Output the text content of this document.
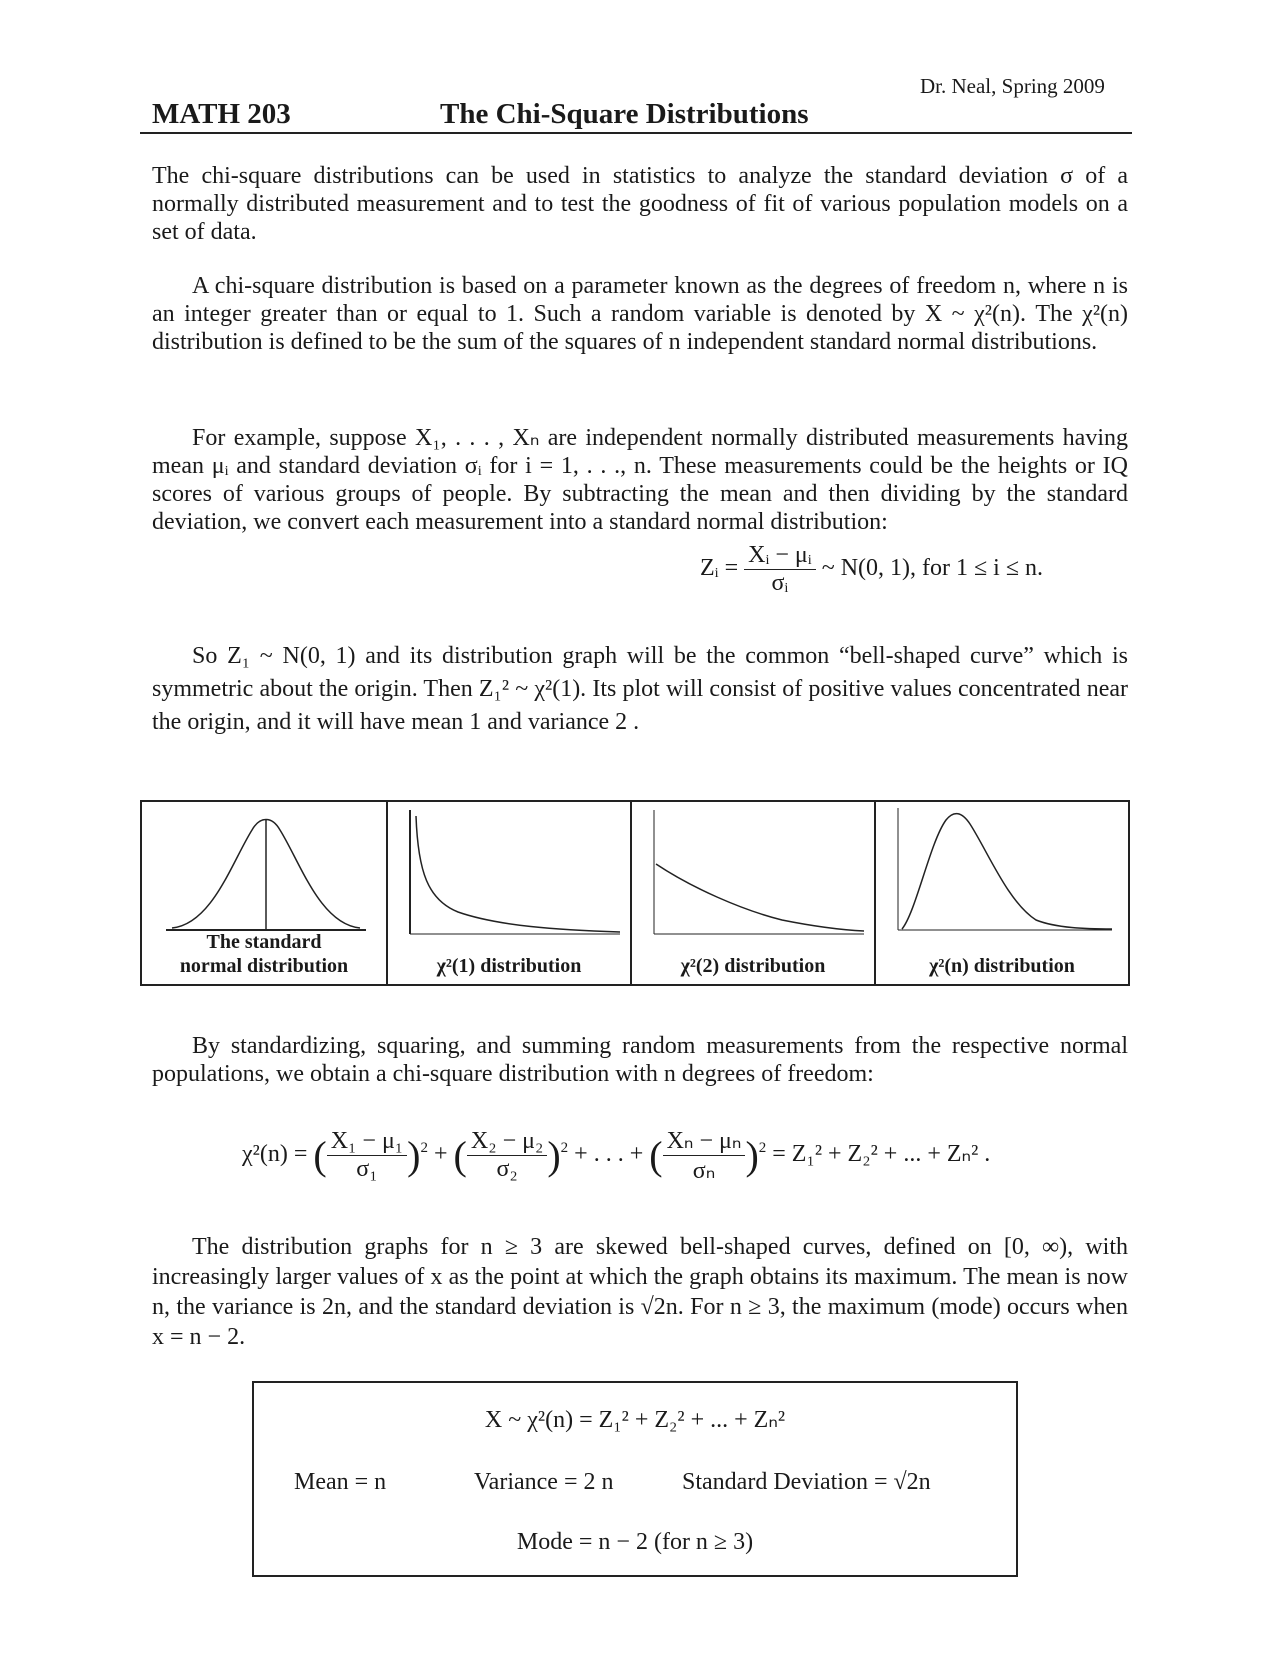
Dr. Neal, Spring 2009
MATH 203	The Chi-Square Distributions
The chi-square distributions can be used in statistics to analyze the standard deviation σ of a normally distributed measurement and to test the goodness of fit of various population models on a set of data.
A chi-square distribution is based on a parameter known as the degrees of freedom n, where n is an integer greater than or equal to 1. Such a random variable is denoted by X ~ χ²(n). The χ²(n) distribution is defined to be the sum of the squares of n independent standard normal distributions.
For example, suppose X₁, . . . , Xₙ are independent normally distributed measurements having mean μᵢ and standard deviation σᵢ for i = 1, . . ., n. These measurements could be the heights or IQ scores of various groups of people. By subtracting the mean and then dividing by the standard deviation, we convert each measurement into a standard normal distribution:
Zᵢ = $\frac{\text{Xᵢ − μᵢ}}{\text{σᵢ}}$ ~ N(0, 1), for 1 ≤ i ≤ n.
So Z₁ ~ N(0, 1) and its distribution graph will be the common “bell-shaped curve” which is symmetric about the origin. Then Z₁² ~ χ²(1). Its plot will consist of positive values concentrated near the origin, and it will have mean 1 and variance 2 .
The standard
normal distribution	χ²(1) distribution	χ²(2) distribution	χ²(n) distribution
By standardizing, squaring, and summing random measurements from the respective normal populations, we obtain a chi-square distribution with n degrees of freedom:
χ²(n) = ( $\frac{\text{X₁ − μ₁}}{\text{σ₁}} )^2$ + ( $\frac{\text{X₂ − μ₂}}{\text{σ₂}} )^2$ + . . . + ( $\frac{\text{Xₙ − μₙ}}{\text{σₙ}} )^2 = Z_1^2 + Z_2^2$ + ... + Zₙ² .
The distribution graphs for n ≥ 3 are skewed bell-shaped curves, defined on [0, ∞), with increasingly larger values of x as the point at which the graph obtains its maximum. The mean is now n, the variance is 2n, and the standard deviation is √2n. For n ≥ 3, the maximum (mode) occurs when x = n − 2.
X ~ χ²(n) = Z₁² + Z₂² + ... + Zₙ²
Mean = n	Variance = 2 n	Standard Deviation = √2n
Mode = n − 2 (for n ≥ 3)
